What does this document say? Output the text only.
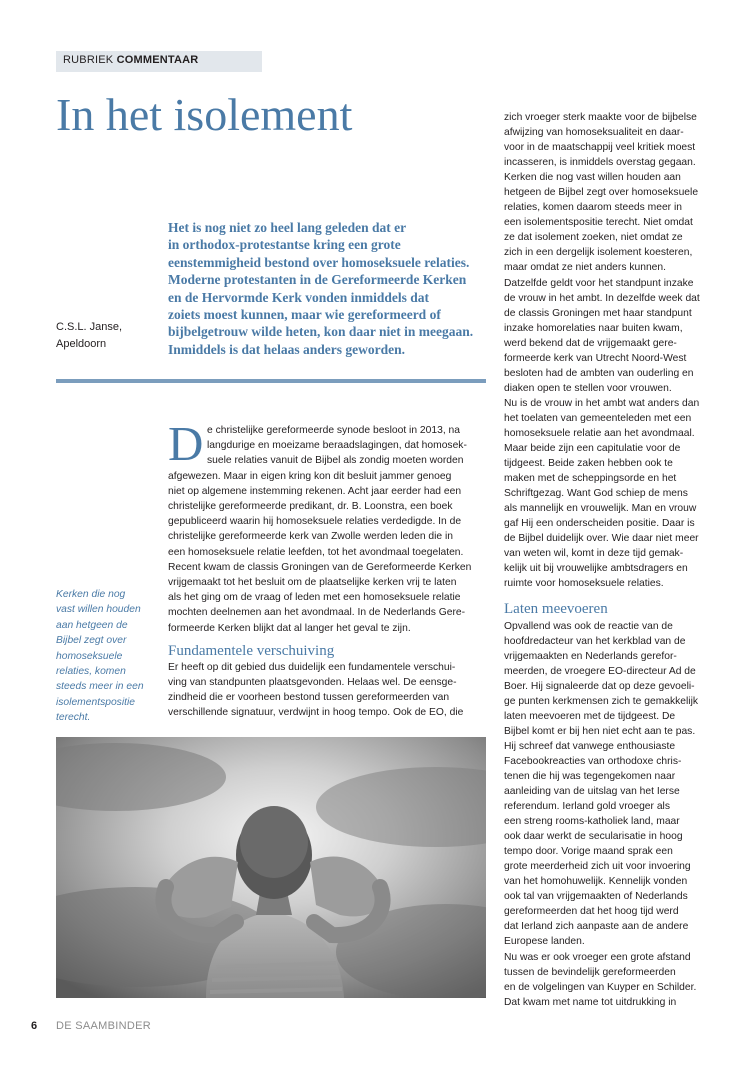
RUBRIEK COMMENTAAR
In het isolement
Het is nog niet zo heel lang geleden dat er
in orthodox-protestantse kring een grote
eenstemmigheid bestond over homoseksuele relaties.
Moderne protestanten in de Gereformeerde Kerken
en de Hervormde Kerk vonden inmiddels dat
zoiets moest kunnen, maar wie gereformeerd of
bijbelgetrouw wilde heten, kon daar niet in meegaan.
Inmiddels is dat helaas anders geworden.
C.S.L. Janse,
Apeldoorn
D e christelijke gereformeerde synode besloot in 2013, na
langdurige en moeizame beraadslagingen, dat homosek-
suele relaties vanuit de Bijbel als zondig moeten worden
afgewezen. Maar in eigen kring kon dit besluit jammer genoeg
niet op algemene instemming rekenen. Acht jaar eerder had een
christelijke gereformeerde predikant, dr. B. Loonstra, een boek
gepubliceerd waarin hij homoseksuele relaties verdedigde. In de
christelijke gereformeerde kerk van Zwolle werden leden die in
een homoseksuele relatie leefden, tot het avondmaal toegelaten.
Recent kwam de classis Groningen van de Gereformeerde Kerken
vrijgemaakt tot het besluit om de plaatselijke kerken vrij te laten
als het ging om de vraag of leden met een homoseksuele relatie
mochten deelnemen aan het avondmaal. In de Nederlands Gere-
formeerde Kerken blijkt dat al langer het geval te zijn.
Fundamentele verschuiving
Er heeft op dit gebied dus duidelijk een fundamentele verschui-
ving van standpunten plaatsgevonden. Helaas wel. De eensge-
zindheid die er voorheen bestond tussen gereformeerden van
verschillende signatuur, verdwijnt in hoog tempo. Ook de EO, die
Kerken die nog
vast willen houden
aan hetgeen de
Bijbel zegt over
homoseksuele
relaties, komen
steeds meer in een
isolementspositie
terecht.
zich vroeger sterk maakte voor de bijbelse
afwijzing van homoseksualiteit en daar-
voor in de maatschappij veel kritiek moest
incasseren, is inmiddels overstag gegaan.
Kerken die nog vast willen houden aan
hetgeen de Bijbel zegt over homoseksuele
relaties, komen daarom steeds meer in
een isolementspositie terecht. Niet omdat
ze dat isolement zoeken, niet omdat ze
zich in een dergelijk isolement koesteren,
maar omdat ze niet anders kunnen.
Datzelfde geldt voor het standpunt inzake
de vrouw in het ambt. In dezelfde week dat
de classis Groningen met haar standpunt
inzake homorelaties naar buiten kwam,
werd bekend dat de vrijgemaakt gere-
formeerde kerk van Utrecht Noord-West
besloten had de ambten van ouderling en
diaken open te stellen voor vrouwen.
Nu is de vrouw in het ambt wat anders dan
het toelaten van gemeenteleden met een
homoseksuele relatie aan het avondmaal.
Maar beide zijn een capitulatie voor de
tijdgeest. Beide zaken hebben ook te
maken met de scheppingsorde en het
Schriftgezag. Want God schiep de mens
als mannelijk en vrouwelijk. Man en vrouw
gaf Hij een onderscheiden positie. Daar is
de Bijbel duidelijk over. Wie daar niet meer
van weten wil, komt in deze tijd gemak-
kelijk uit bij vrouwelijke ambtsdragers en
ruimte voor homoseksuele relaties.
Laten meevoeren
Opvallend was ook de reactie van de
hoofdredacteur van het kerkblad van de
vrijgemaakten en Nederlands gerefor-
meerden, de vroegere EO-directeur Ad de
Boer. Hij signaleerde dat op deze gevoeli-
ge punten kerkmensen zich te gemakkelijk
laten meevoeren met de tijdgeest. De
Bijbel komt er bij hen niet echt aan te pas.
Hij schreef dat vanwege enthousiaste
Facebookreacties van orthodoxe chris-
tenen die hij was tegengekomen naar
aanleiding van de uitslag van het Ierse
referendum. Ierland gold vroeger als
een streng rooms-katholiek land, maar
ook daar werkt de secularisatie in hoog
tempo door. Vorige maand sprak een
grote meerderheid zich uit voor invoering
van het homohuwelijk. Kennelijk vonden
ook tal van vrijgemaakten of Nederlands
gereformeerden dat het hoog tijd werd
dat Ierland zich aanpaste aan de andere
Europese landen.
Nu was er ook vroeger een grote afstand
tussen de bevindelijk gereformeerden
en de volgelingen van Kuyper en Schilder.
Dat kwam met name tot uitdrukking in
6 DE SAAMBINDER
